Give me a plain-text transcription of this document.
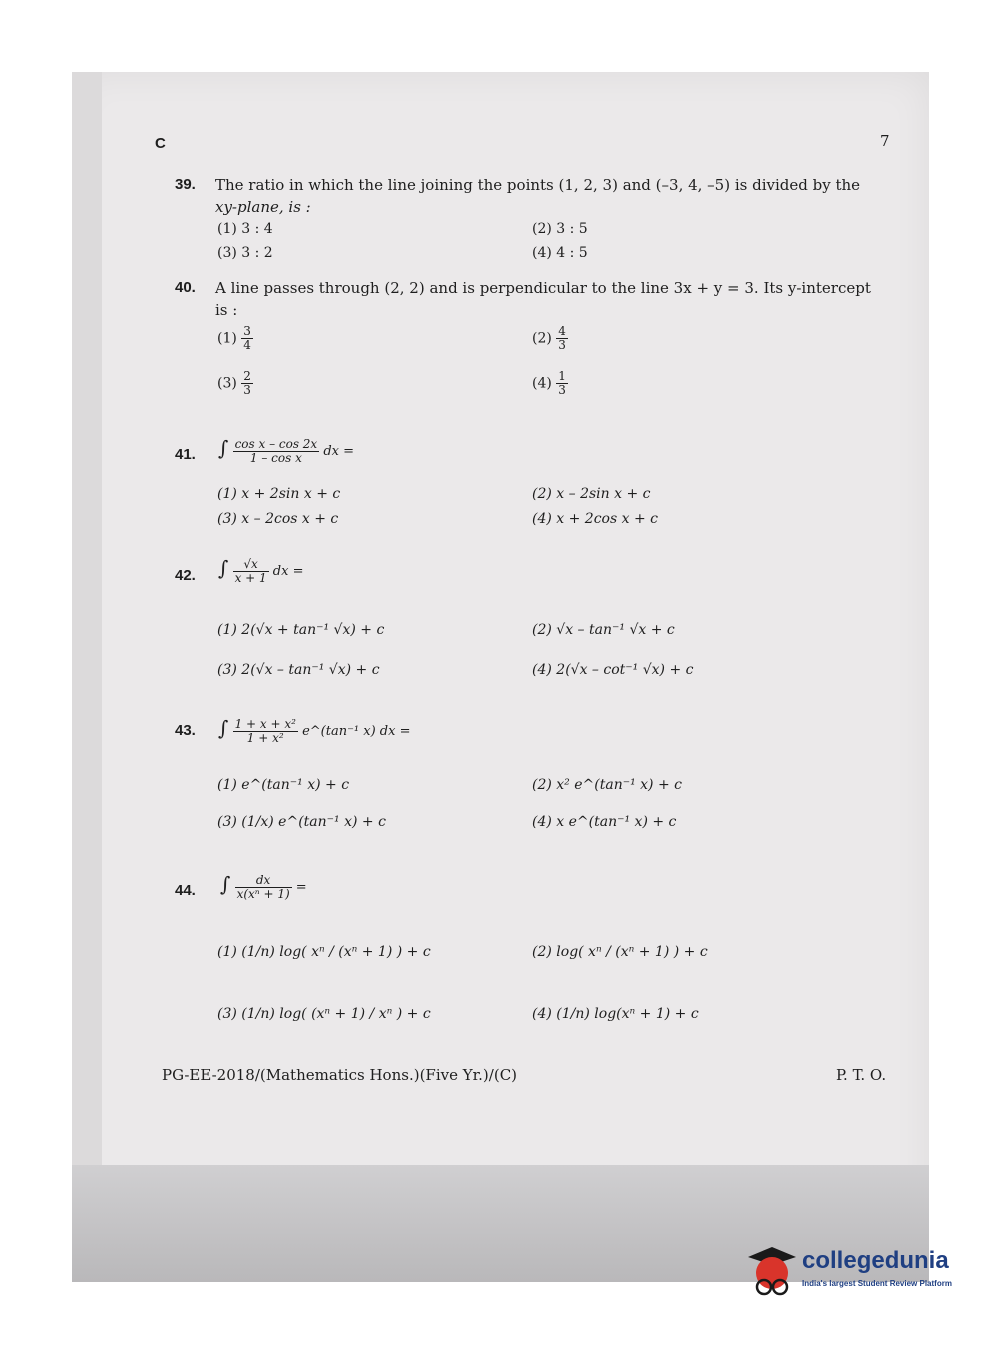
C	7
39. The ratio in which the line joining the points (1, 2, 3) and (–3, 4, –5) is divided by the
xy-plane, is :
(1) 3 : 4	(2) 3 : 5
(3) 3 : 2	(4) 4 : 5
40. A line passes through (2, 2) and is perpendicular to the line 3x + y = 3. Its y-intercept
is :
$(1) \frac{3}{4}$	$(2) \frac{4}{3}$
$(3) \frac{2}{3}$	$(4) \frac{1}{3}$
41. ∫ $\frac{\text{cos x – cos 2x}}{\text{1 – cos x}}$ dx =
(1) x + 2sin x + c	(2) x – 2sin x + c
(3) x – 2cos x + c	(4) x + 2cos x + c
42. ∫ $\frac{√x}{x + 1}$ dx =
(1) 2(√x + tan⁻¹ √x) + c	(2) √x – tan⁻¹ √x + c
(3) 2(√x – tan⁻¹ √x) + c	(4) 2(√x – cot⁻¹ √x) + c
43. ∫ $\frac{\text{1 + x + x²}}{\text{1 + x²}}$ e^(tan⁻¹ x) dx =
(1) e^(tan⁻¹ x) + c	(2) x² e^(tan⁻¹ x) + c
(3) (1/x) e^(tan⁻¹ x) + c	(4) x e^(tan⁻¹ x) + c
44. ∫ $\frac{dx}{\text{x(xⁿ + 1)}}$ =
(1) (1/n) log( xⁿ / (xⁿ + 1) ) + c	(2) log( xⁿ / (xⁿ + 1) ) + c
(3) (1/n) log( (xⁿ + 1) / xⁿ ) + c	(4) (1/n) log(xⁿ + 1) + c
PG-EE-2018/(Mathematics Hons.)(Five Yr.)/(C)	P. T. O.
collegedunia
India's largest Student Review Platform
